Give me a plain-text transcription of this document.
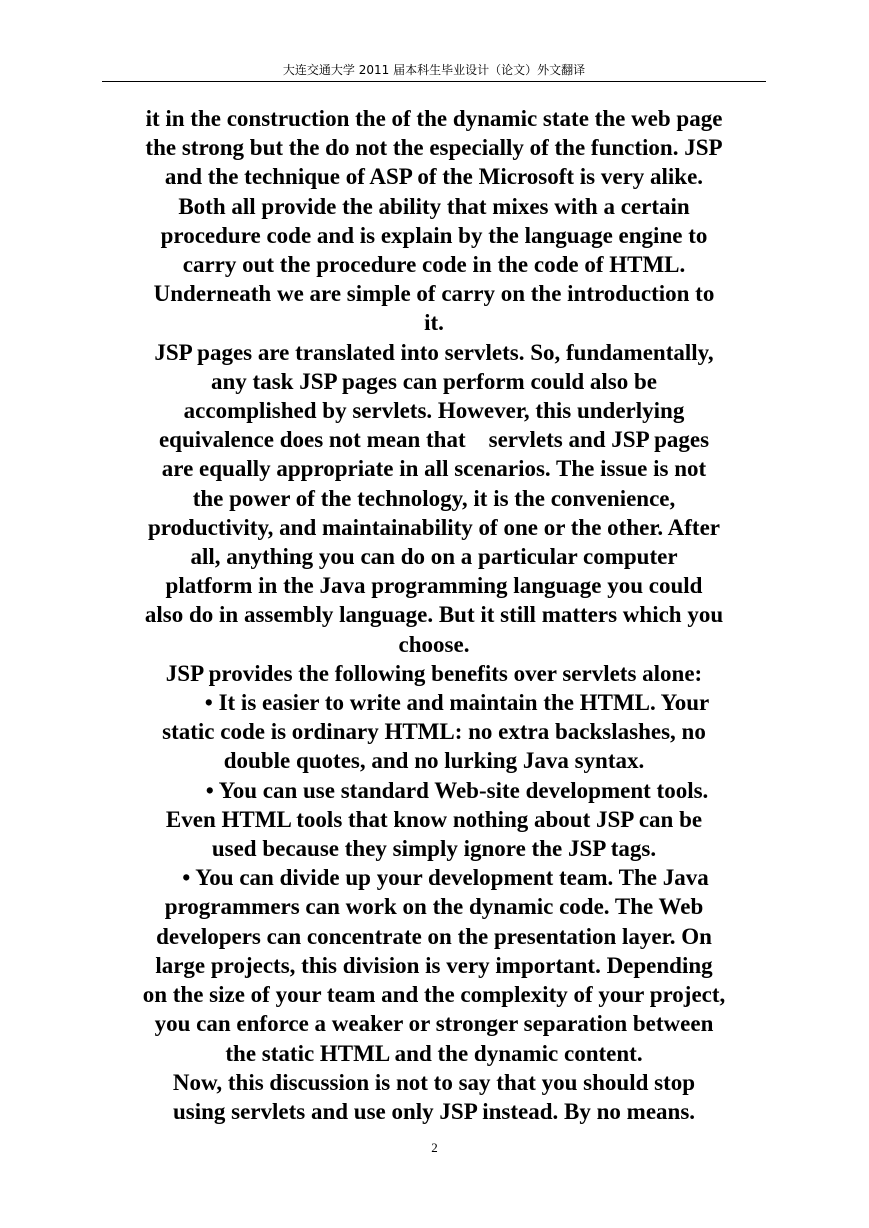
大连交通大学 2011 届本科生毕业设计（论文）外文翻译
it in the construction the of the dynamic state the web page
the strong but the do not the especially of the function. JSP
and the technique of ASP of the Microsoft is very alike.
Both all provide the ability that mixes with a certain
procedure code and is explain by the language engine to
carry out the procedure code in the code of HTML.
Underneath we are simple of carry on the introduction to
it.
JSP pages are translated into servlets. So, fundamentally,
any task JSP pages can perform could also be
accomplished by servlets. However, this underlying
equivalence does not mean that    servlets and JSP pages
are equally appropriate in all scenarios. The issue is not
the power of the technology, it is the convenience,
productivity, and maintainability of one or the other. After
all, anything you can do on a particular computer
platform in the Java programming language you could
also do in assembly language. But it still matters which you
choose.
JSP provides the following benefits over servlets alone:
• It is easier to write and maintain the HTML. Your
static code is ordinary HTML: no extra backslashes, no
double quotes, and no lurking Java syntax.
• You can use standard Web-site development tools.
Even HTML tools that know nothing about JSP can be
used because they simply ignore the JSP tags.
• You can divide up your development team. The Java
programmers can work on the dynamic code. The Web
developers can concentrate on the presentation layer. On
large projects, this division is very important. Depending
on the size of your team and the complexity of your project,
you can enforce a weaker or stronger separation between
the static HTML and the dynamic content.
Now, this discussion is not to say that you should stop
using servlets and use only JSP instead. By no means.
2
